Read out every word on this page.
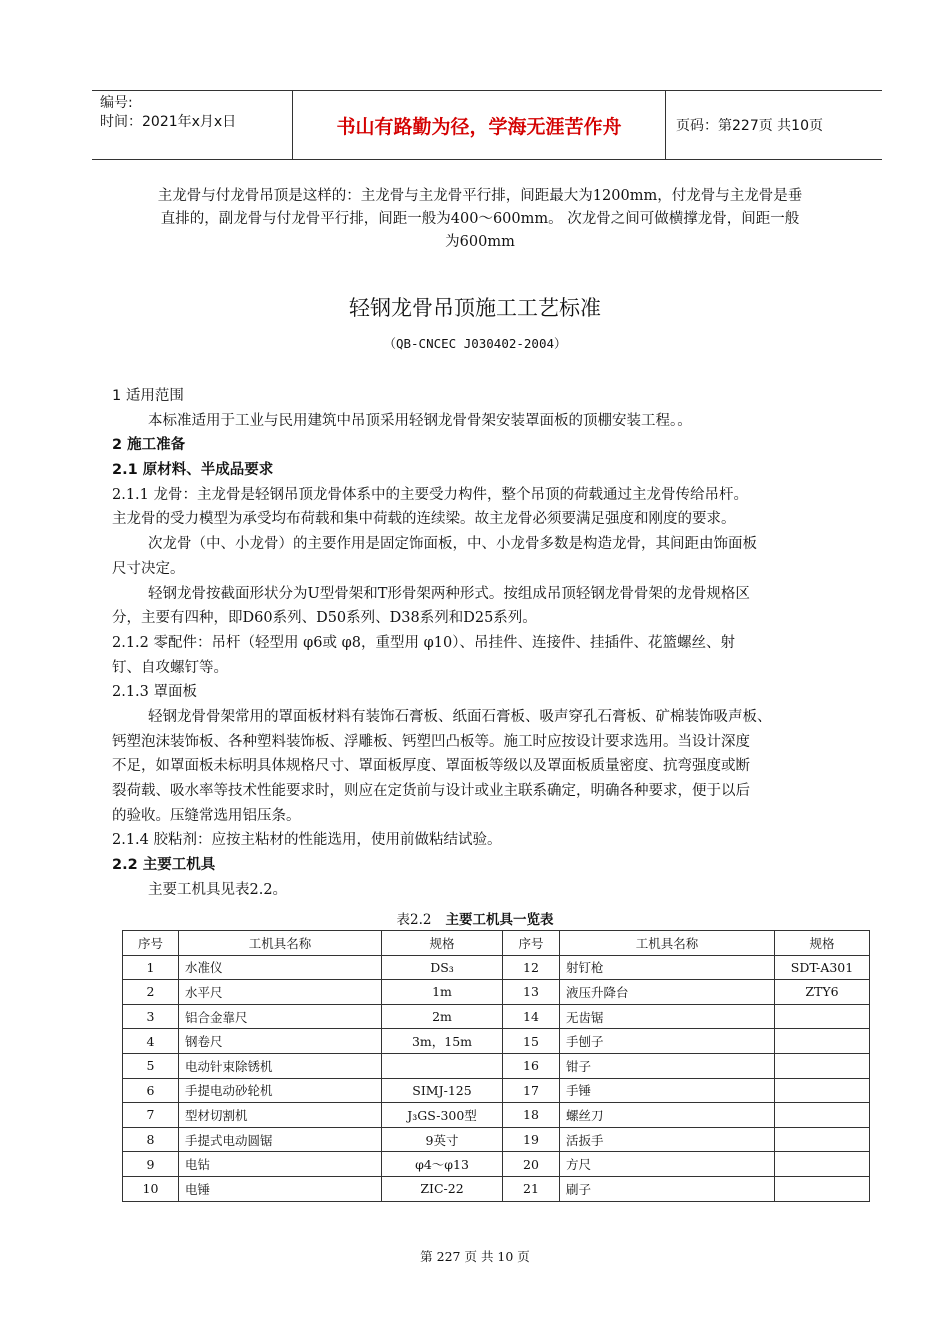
编号:
时间：2021年x月x日	书山有路勤为径，学海无涯苦作舟	页码：第227页 共10页
主龙骨与付龙骨吊顶是这样的：主龙骨与主龙骨平行排，间距最大为1200mm，付龙骨与主龙骨是垂
直排的，副龙骨与付龙骨平行排，间距一般为400～600mm。 次龙骨之间可做横撑龙骨，间距一般
为600mm
轻钢龙骨吊顶施工工艺标准
（QB-CNCEC J030402-2004）
1 适用范围
本标准适用于工业与民用建筑中吊顶采用轻钢龙骨骨架安装罩面板的顶棚安装工程。。
2 施工准备
2.1 原材料、半成品要求
2.1.1 龙骨：主龙骨是轻钢吊顶龙骨体系中的主要受力构件，整个吊顶的荷载通过主龙骨传给吊杆。
主龙骨的受力模型为承受均布荷载和集中荷载的连续梁。故主龙骨必须要满足强度和刚度的要求。
次龙骨（中、小龙骨）的主要作用是固定饰面板，中、小龙骨多数是构造龙骨，其间距由饰面板
尺寸决定。
轻钢龙骨按截面形状分为U型骨架和T形骨架两种形式。按组成吊顶轻钢龙骨骨架的龙骨规格区
分，主要有四种，即D60系列、D50系列、D38系列和D25系列。
2.1.2 零配件：吊杆（轻型用 φ6或 φ8，重型用 φ10）、吊挂件、连接件、挂插件、花篮螺丝、射
钉、自攻螺钉等。
2.1.3 罩面板
轻钢龙骨骨架常用的罩面板材料有装饰石膏板、纸面石膏板、吸声穿孔石膏板、矿棉装饰吸声板、
钙塑泡沫装饰板、各种塑料装饰板、浮雕板、钙塑凹凸板等。施工时应按设计要求选用。当设计深度
不足，如罩面板未标明具体规格尺寸、罩面板厚度、罩面板等级以及罩面板质量密度、抗弯强度或断
裂荷载、吸水率等技术性能要求时，则应在定货前与设计或业主联系确定，明确各种要求，便于以后
的验收。压缝常选用铝压条。
2.1.4 胶粘剂：应按主粘材的性能选用，使用前做粘结试验。
2.2 主要工机具
主要工机具见表2.2。
表2.2 主要工机具一览表
序号	工机具名称	规格	序号	工机具名称	规格
1	水准仪	DS₃	12	射钉枪	SDT-A301
2	水平尺	1m	13	液压升降台	ZTY6
3	铝合金靠尺	2m	14	无齿锯	
4	钢卷尺	3m，15m	15	手刨子	
5	电动针束除锈机		16	钳子	
6	手提电动砂轮机	SIMJ-125	17	手锤	
7	型材切割机	J₃GS-300型	18	螺丝刀	
8	手提式电动圆锯	9英寸	19	活扳手	
9	电钻	φ4～φ13	20	方尺	
10	电锤	ZIC-22	21	刷子	
第 227 页 共 10 页
